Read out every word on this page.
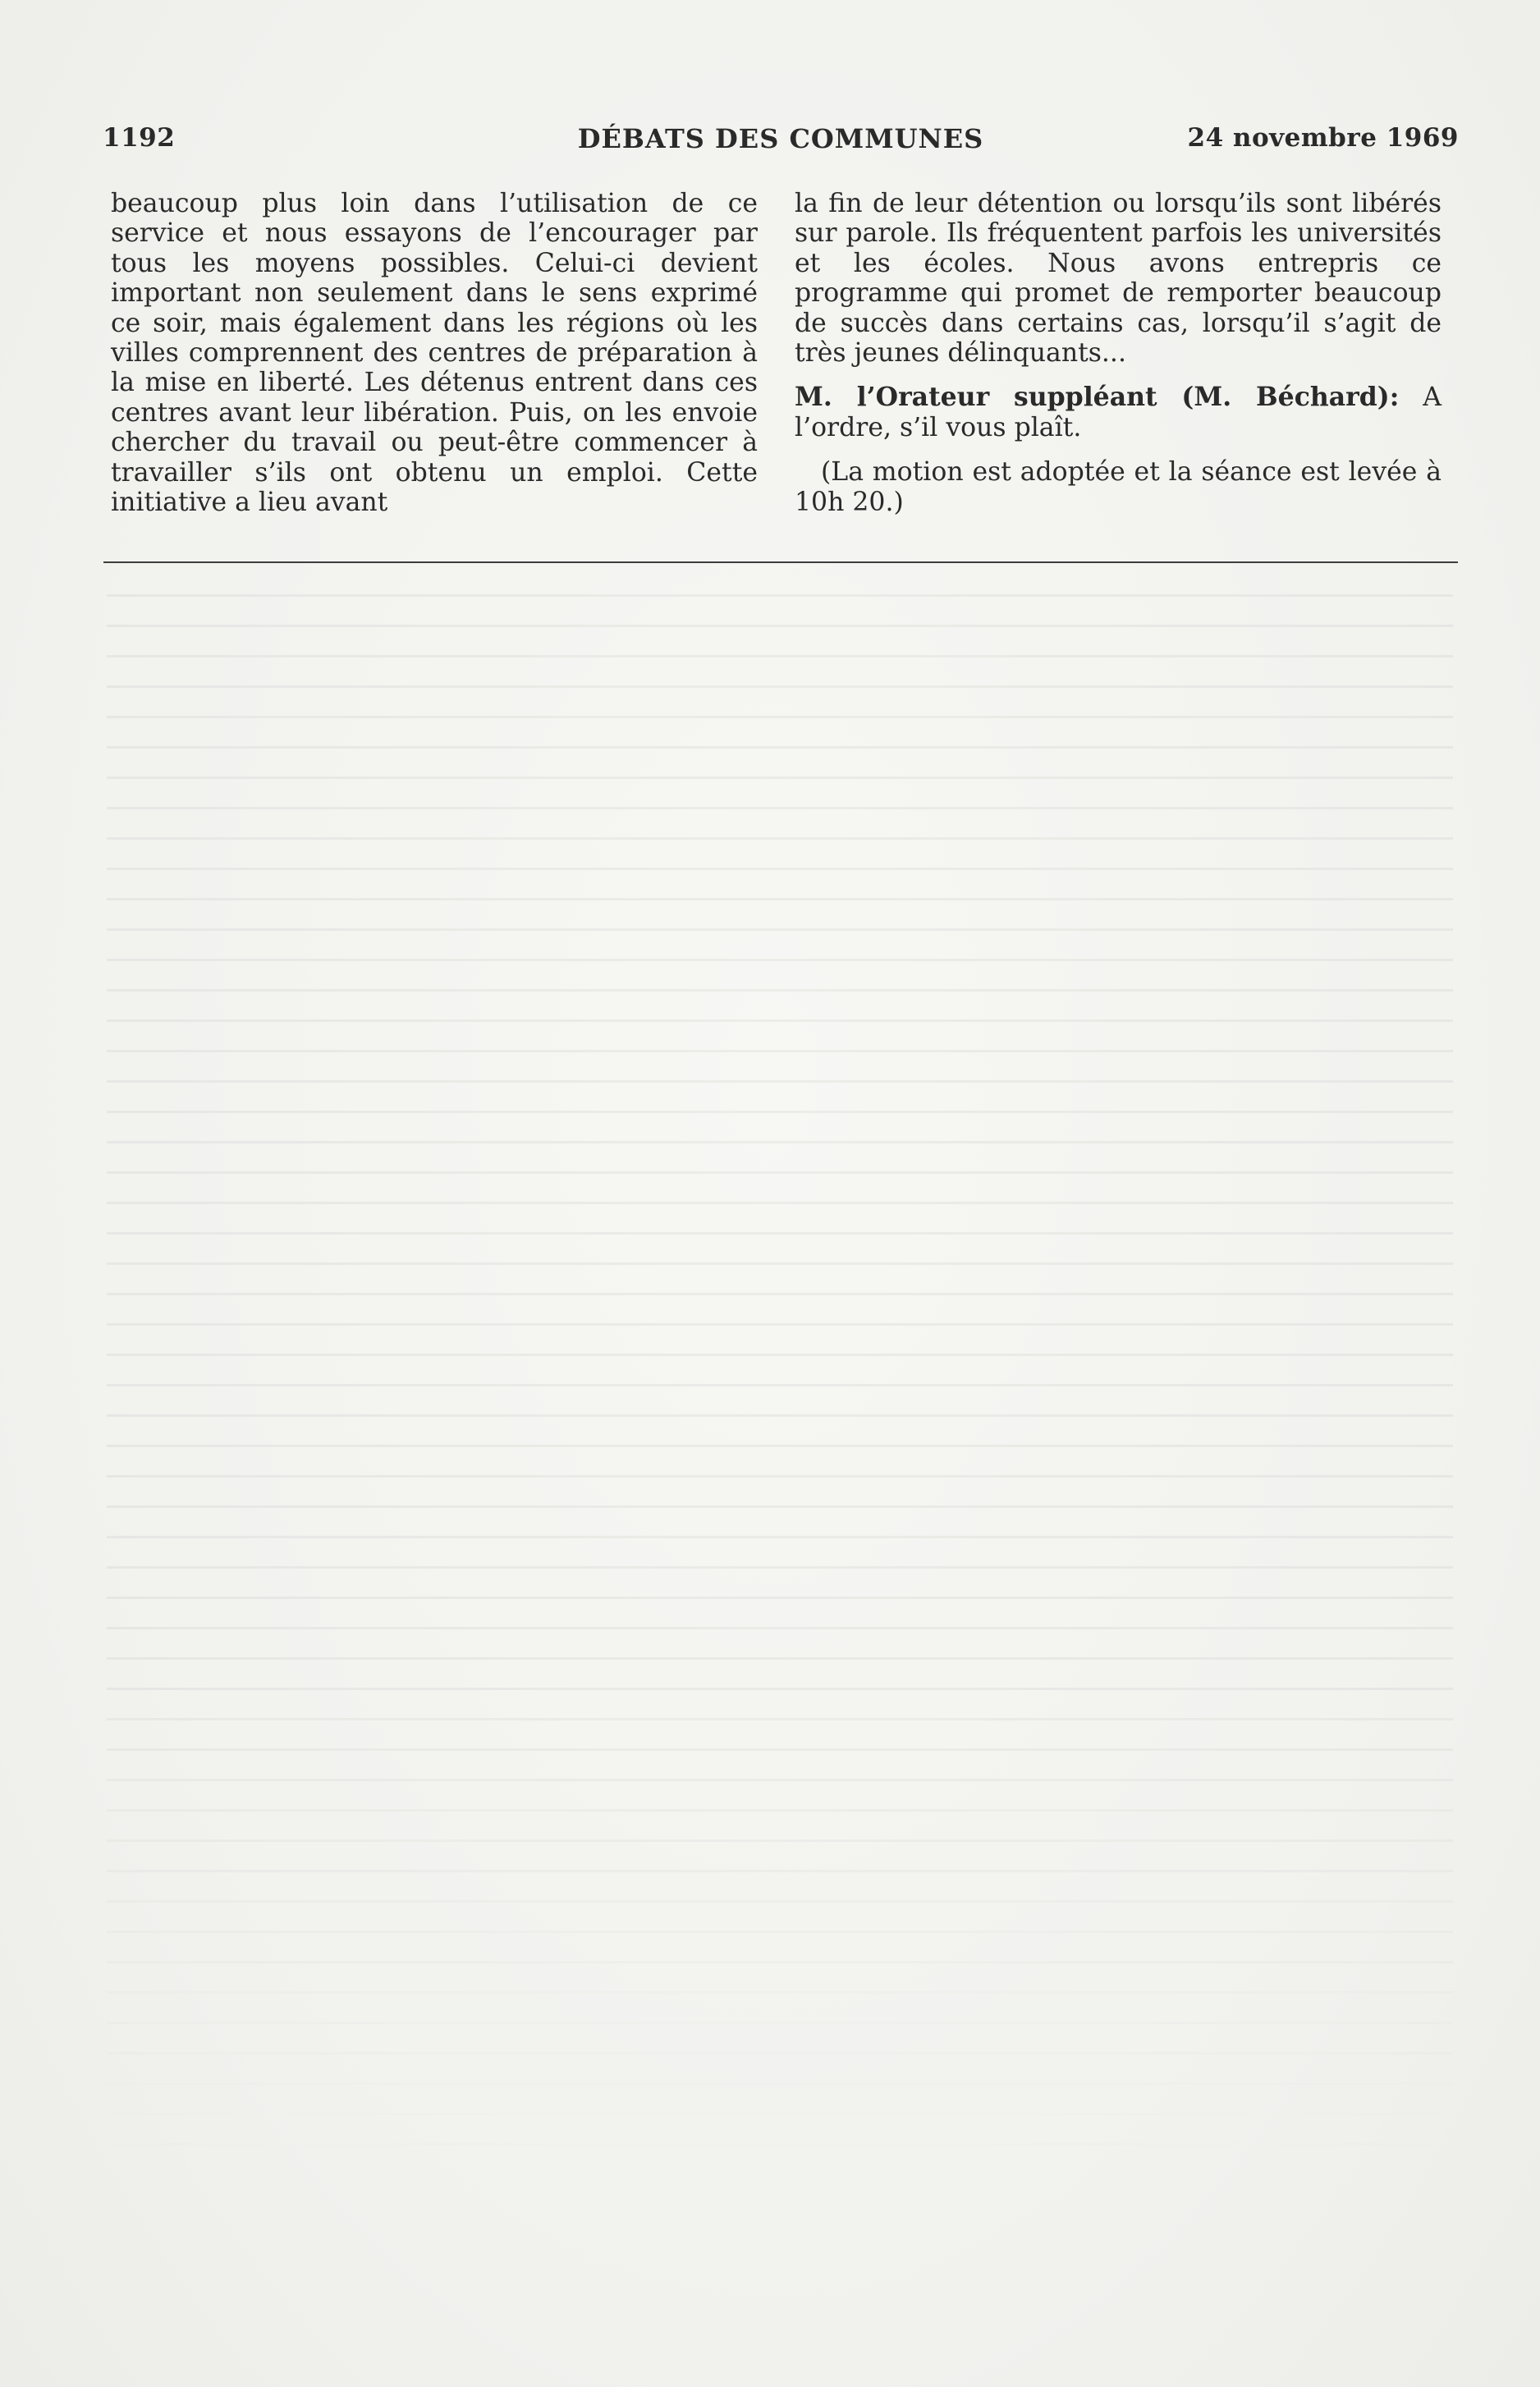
1192	DÉBATS DES COMMUNES	24 novembre 1969

beaucoup plus loin dans l’utilisation de ce service et nous essayons de l’encourager par tous les moyens possibles. Celui-ci devient important non seulement dans le sens exprimé ce soir, mais également dans les régions où les villes comprennent des centres de préparation à la mise en liberté. Les détenus entrent dans ces centres avant leur libération. Puis, on les envoie chercher du travail ou peut-être commencer à travailler s’ils ont obtenu un emploi. Cette initiative a lieu avant

la fin de leur détention ou lorsqu’ils sont libérés sur parole. Ils fréquentent parfois les universités et les écoles. Nous avons entrepris ce programme qui promet de remporter beaucoup de succès dans certains cas, lorsqu’il s’agit de très jeunes délinquants...

M. l’Orateur suppléant (M. Béchard): A l’ordre, s’il vous plaît.

(La motion est adoptée et la séance est levée à 10h 20.)
